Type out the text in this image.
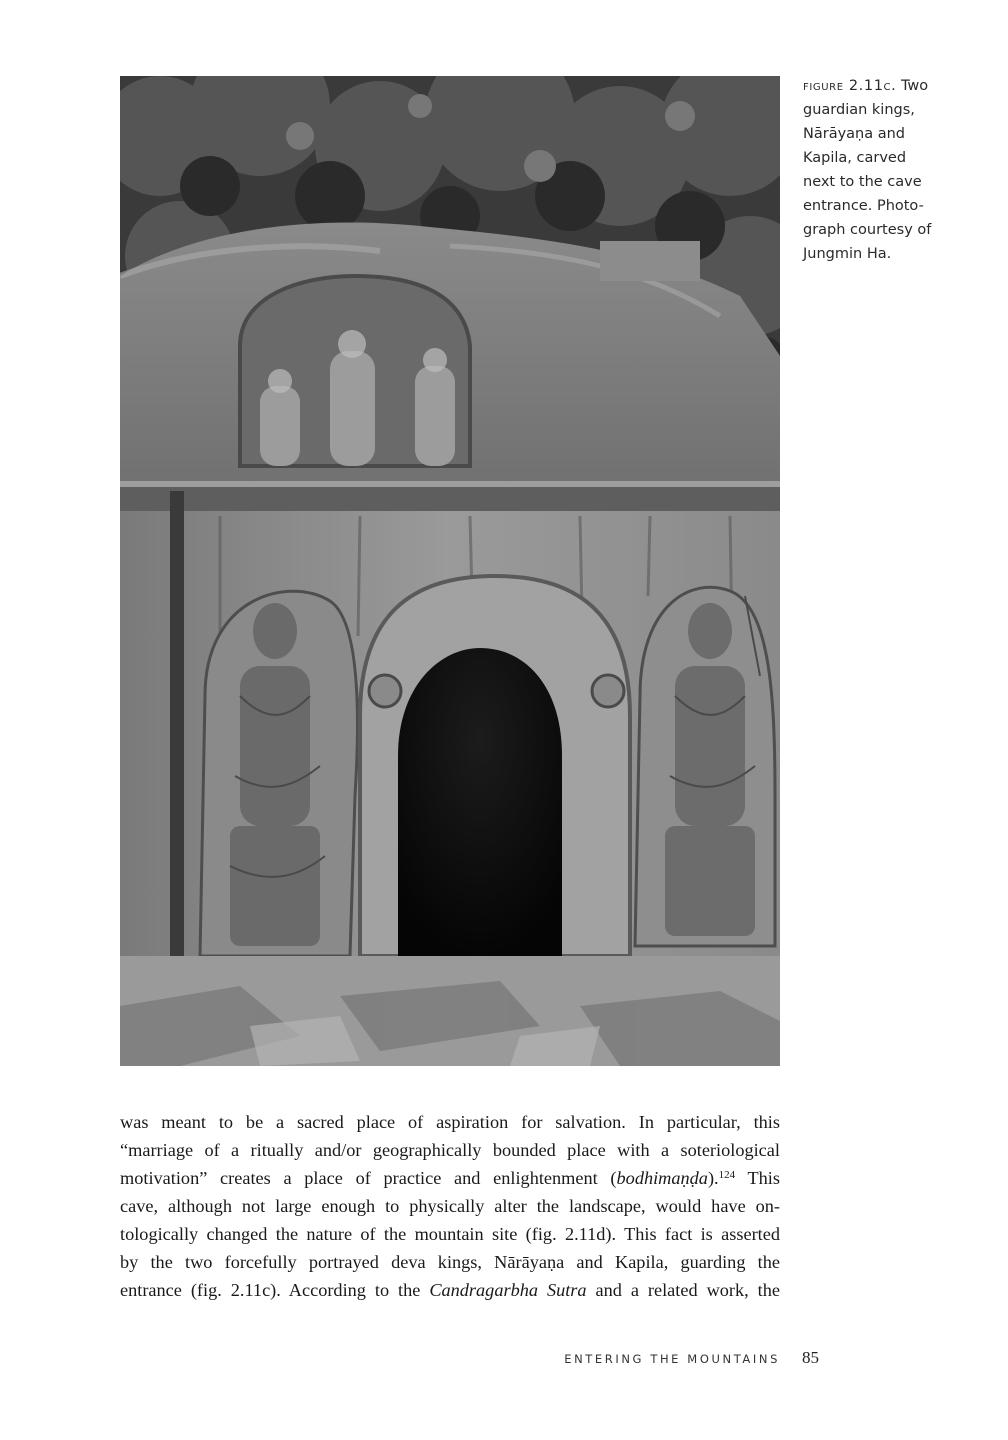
figure 2.11c. Two
guardian kings,
Nārāyaṇa and
Kapila, carved
next to the cave
entrance. Photo-
graph courtesy of
Jungmin Ha.
was meant to be a sacred place of aspiration for salvation. In particular, this
“marriage of a ritually and/or geographically bounded place with a soteriological
motivation” creates a place of practice and enlightenment (bodhimaṇḍa).$^{124}$ This
cave, although not large enough to physically alter the landscape, would have on-
tologically changed the nature of the mountain site (fig. 2.11d). This fact is asserted
by the two forcefully portrayed deva kings, Nārāyaṇa and Kapila, guarding the
entrance (fig. 2.11c). According to the Candragarbha Sutra and a related work, the
ENTERING THE MOUNTAINS 85
